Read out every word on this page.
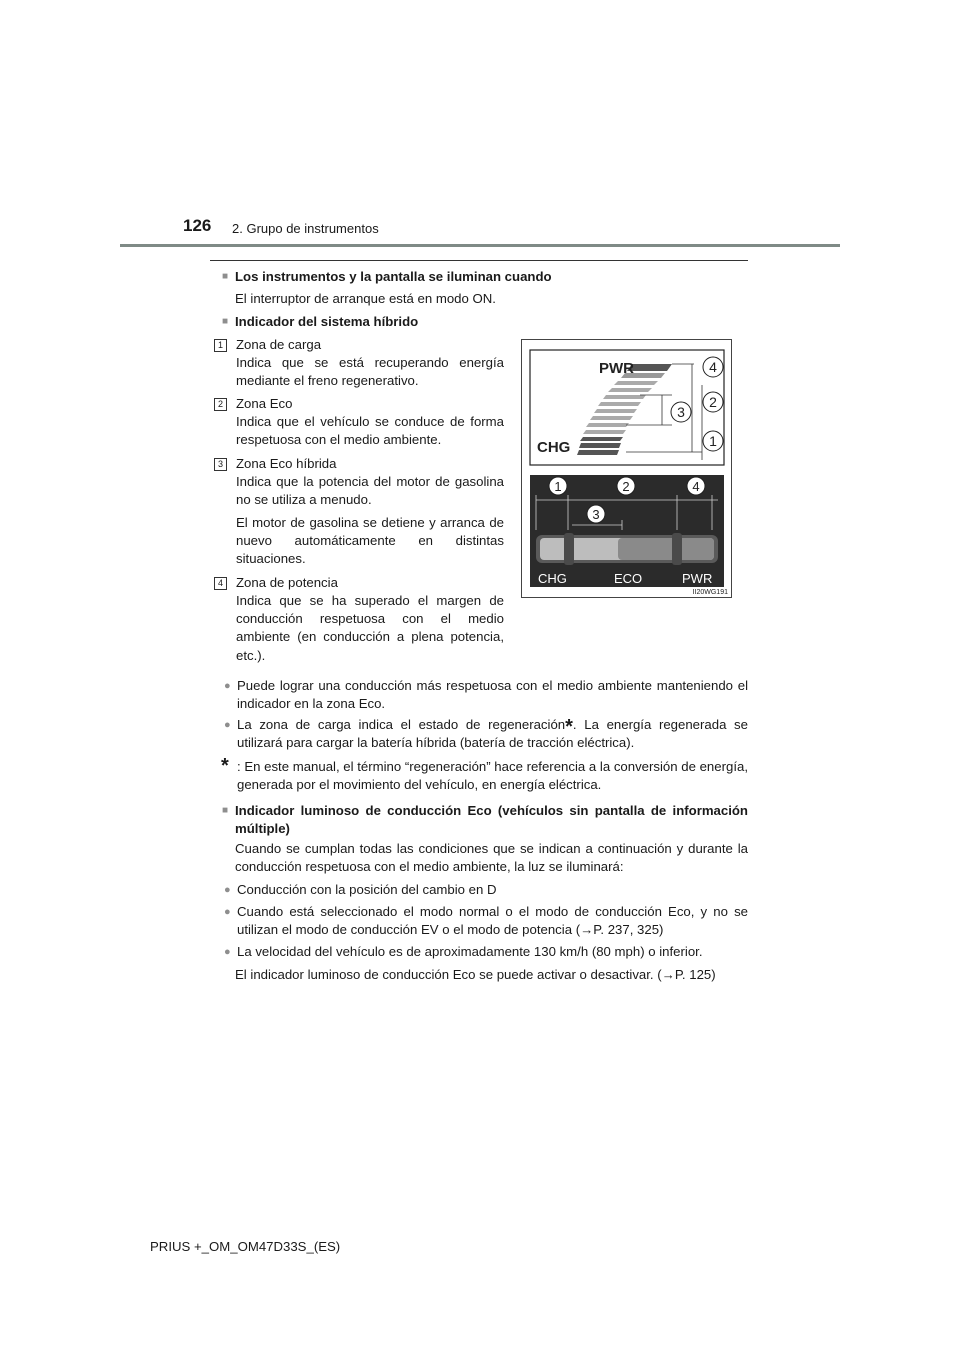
126 2. Grupo de instrumentos
■ Los instrumentos y la pantalla se iluminan cuando
El interruptor de arranque está en modo ON.
■ Indicador del sistema híbrido
1 Zona de carga
Indica que se está recuperando energía mediante el freno regenerativo.
2 Zona Eco
Indica que el vehículo se conduce de forma respetuosa con el medio ambiente.
3 Zona Eco híbrida
Indica que la potencia del motor de gasolina no se utiliza a menudo.
El motor de gasolina se detiene y arranca de nuevo automáticamente en distintas situaciones.
4 Zona de potencia
Indica que se ha superado el margen de conducción respetuosa con el medio ambiente (en conducción a plena potencia, etc.).
PWR
CHG
4
2
3
1
1	2	4
3
CHG	ECO	PWR
II20WG191
● Puede lograr una conducción más respetuosa con el medio ambiente manteniendo el indicador en la zona Eco.
● La zona de carga indica el estado de regeneración*. La energía regenerada se utilizará para cargar la batería híbrida (batería de tracción eléctrica).
* : En este manual, el término “regeneración” hace referencia a la conversión de energía, generada por el movimiento del vehículo, en energía eléctrica.
■ Indicador luminoso de conducción Eco (vehículos sin pantalla de información múltiple)
Cuando se cumplan todas las condiciones que se indican a continuación y durante la conducción respetuosa con el medio ambiente, la luz se iluminará:
● Conducción con la posición del cambio en D
● Cuando está seleccionado el modo normal o el modo de conducción Eco, y no se utilizan el modo de conducción EV o el modo de potencia (→P. 237, 325)
● La velocidad del vehículo es de aproximadamente 130 km/h (80 mph) o inferior.
El indicador luminoso de conducción Eco se puede activar o desactivar. (→P. 125)
PRIUS +_OM_OM47D33S_(ES)
